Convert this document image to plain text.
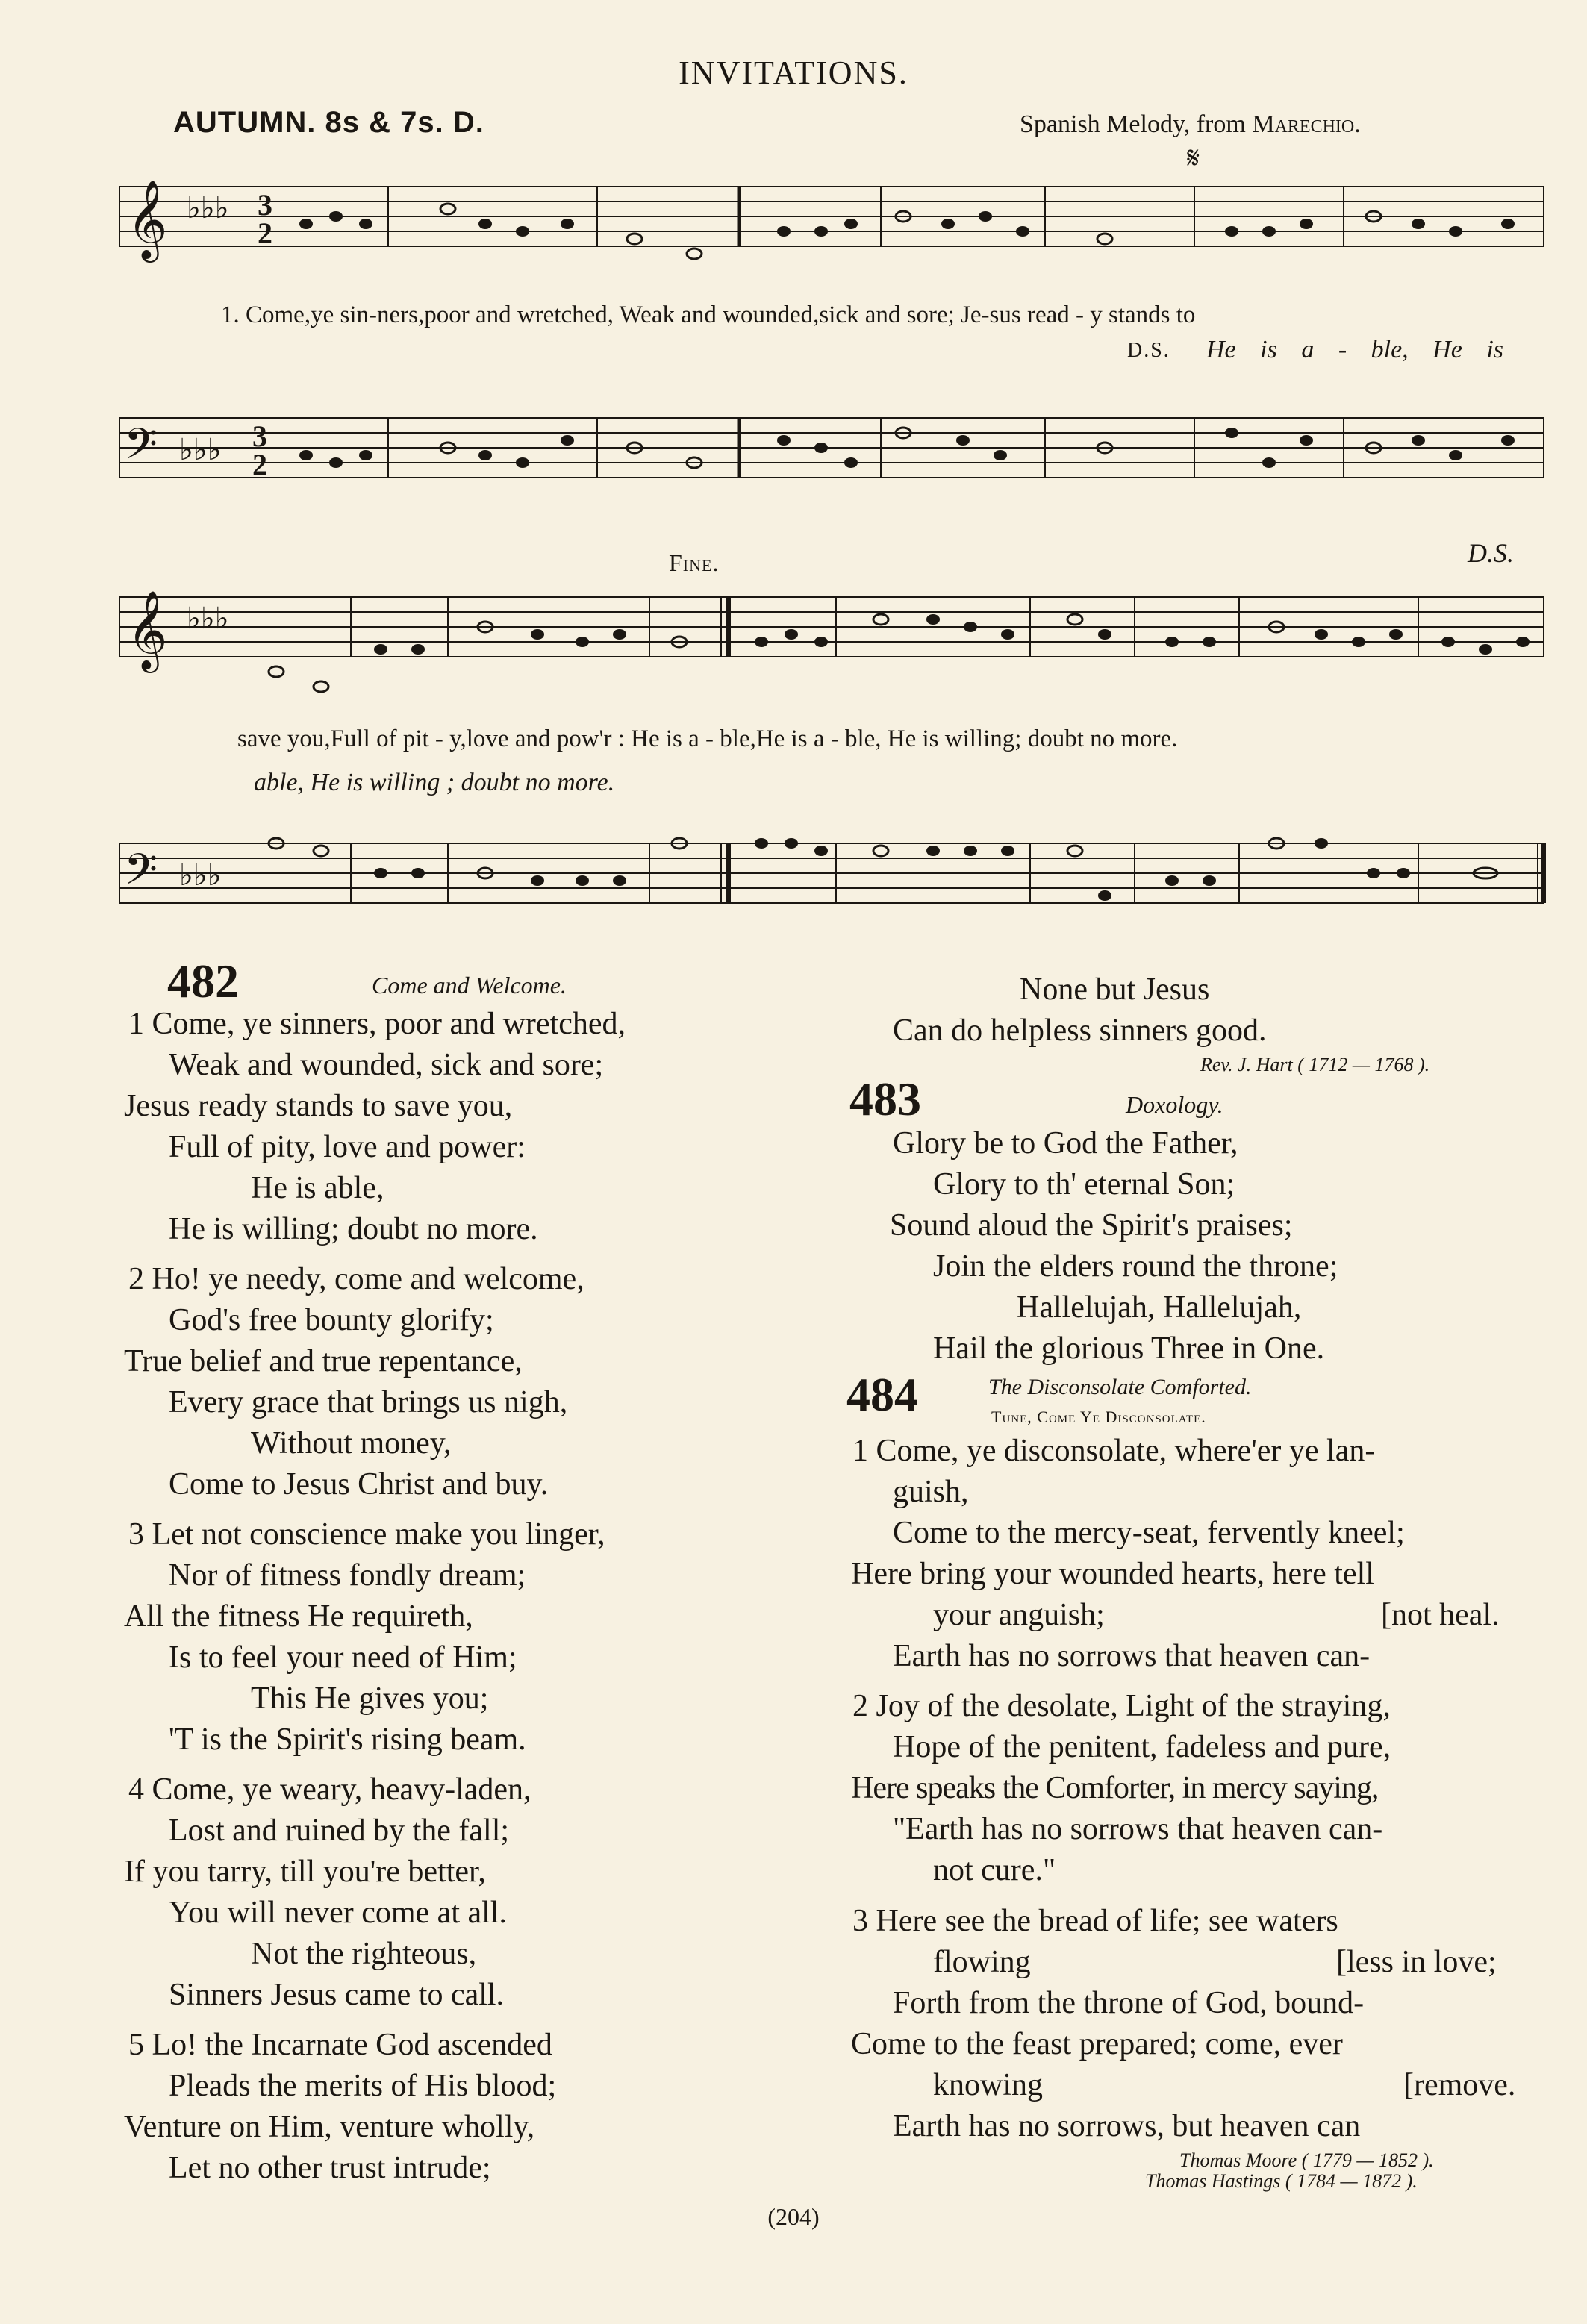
INVITATIONS.
AUTUMN. 8s & 7s. D.	Spanish Melody, from Marechio.
𝄞 ♭♭♭ 3
2
𝄋
1. Come,ye sin-ners,poor and wretched, Weak and wounded,sick and sore; Je-sus read - y stands to
D.S. He is a - ble, He is
𝄢 ♭♭♭ 3
2
Fine.	D.S.
𝄞 ♭♭♭
save you,Full of pit - y,love and pow'r : He is a - ble,He is a - ble, He is willing; doubt no more.
able, He is willing ; doubt no more.
𝄢 ♭♭♭
482	Come and Welcome.
1 Come, ye sinners, poor and wretched,
Weak and wounded, sick and sore;
Jesus ready stands to save you,
Full of pity, love and power:
He is able,
He is willing; doubt no more.
2 Ho! ye needy, come and welcome,
God's free bounty glorify;
True belief and true repentance,
Every grace that brings us nigh,
Without money,
Come to Jesus Christ and buy.
3 Let not conscience make you linger,
Nor of fitness fondly dream;
All the fitness He requireth,
Is to feel your need of Him;
This He gives you;
'T is the Spirit's rising beam.
4 Come, ye weary, heavy-laden,
Lost and ruined by the fall;
If you tarry, till you're better,
You will never come at all.
Not the righteous,
Sinners Jesus came to call.
5 Lo! the Incarnate God ascended
Pleads the merits of His blood;
Venture on Him, venture wholly,
Let no other trust intrude;
None but Jesus
Can do helpless sinners good.
Rev. J. Hart ( 1712 — 1768 ).
483	Doxology.
Glory be to God the Father,
Glory to th' eternal Son;
Sound aloud the Spirit's praises;
Join the elders round the throne;
Hallelujah, Hallelujah,
Hail the glorious Three in One.
484	The Disconsolate Comforted.
Tune, Come Ye Disconsolate.
1 Come, ye disconsolate, where'er ye lan-
guish,
Come to the mercy-seat, fervently kneel;
Here bring your wounded hearts, here tell
your anguish;	[not heal.
Earth has no sorrows that heaven can-
2 Joy of the desolate, Light of the straying,
Hope of the penitent, fadeless and pure,
Here speaks the Comforter, in mercy saying,
"Earth has no sorrows that heaven can-
not cure."
3 Here see the bread of life; see waters
flowing	[less in love;
Forth from the throne of God, bound-
Come to the feast prepared; come, ever
knowing	[remove.
Earth has no sorrows, but heaven can
Thomas Moore ( 1779 — 1852 ).
Thomas Hastings ( 1784 — 1872 ).
(204)
